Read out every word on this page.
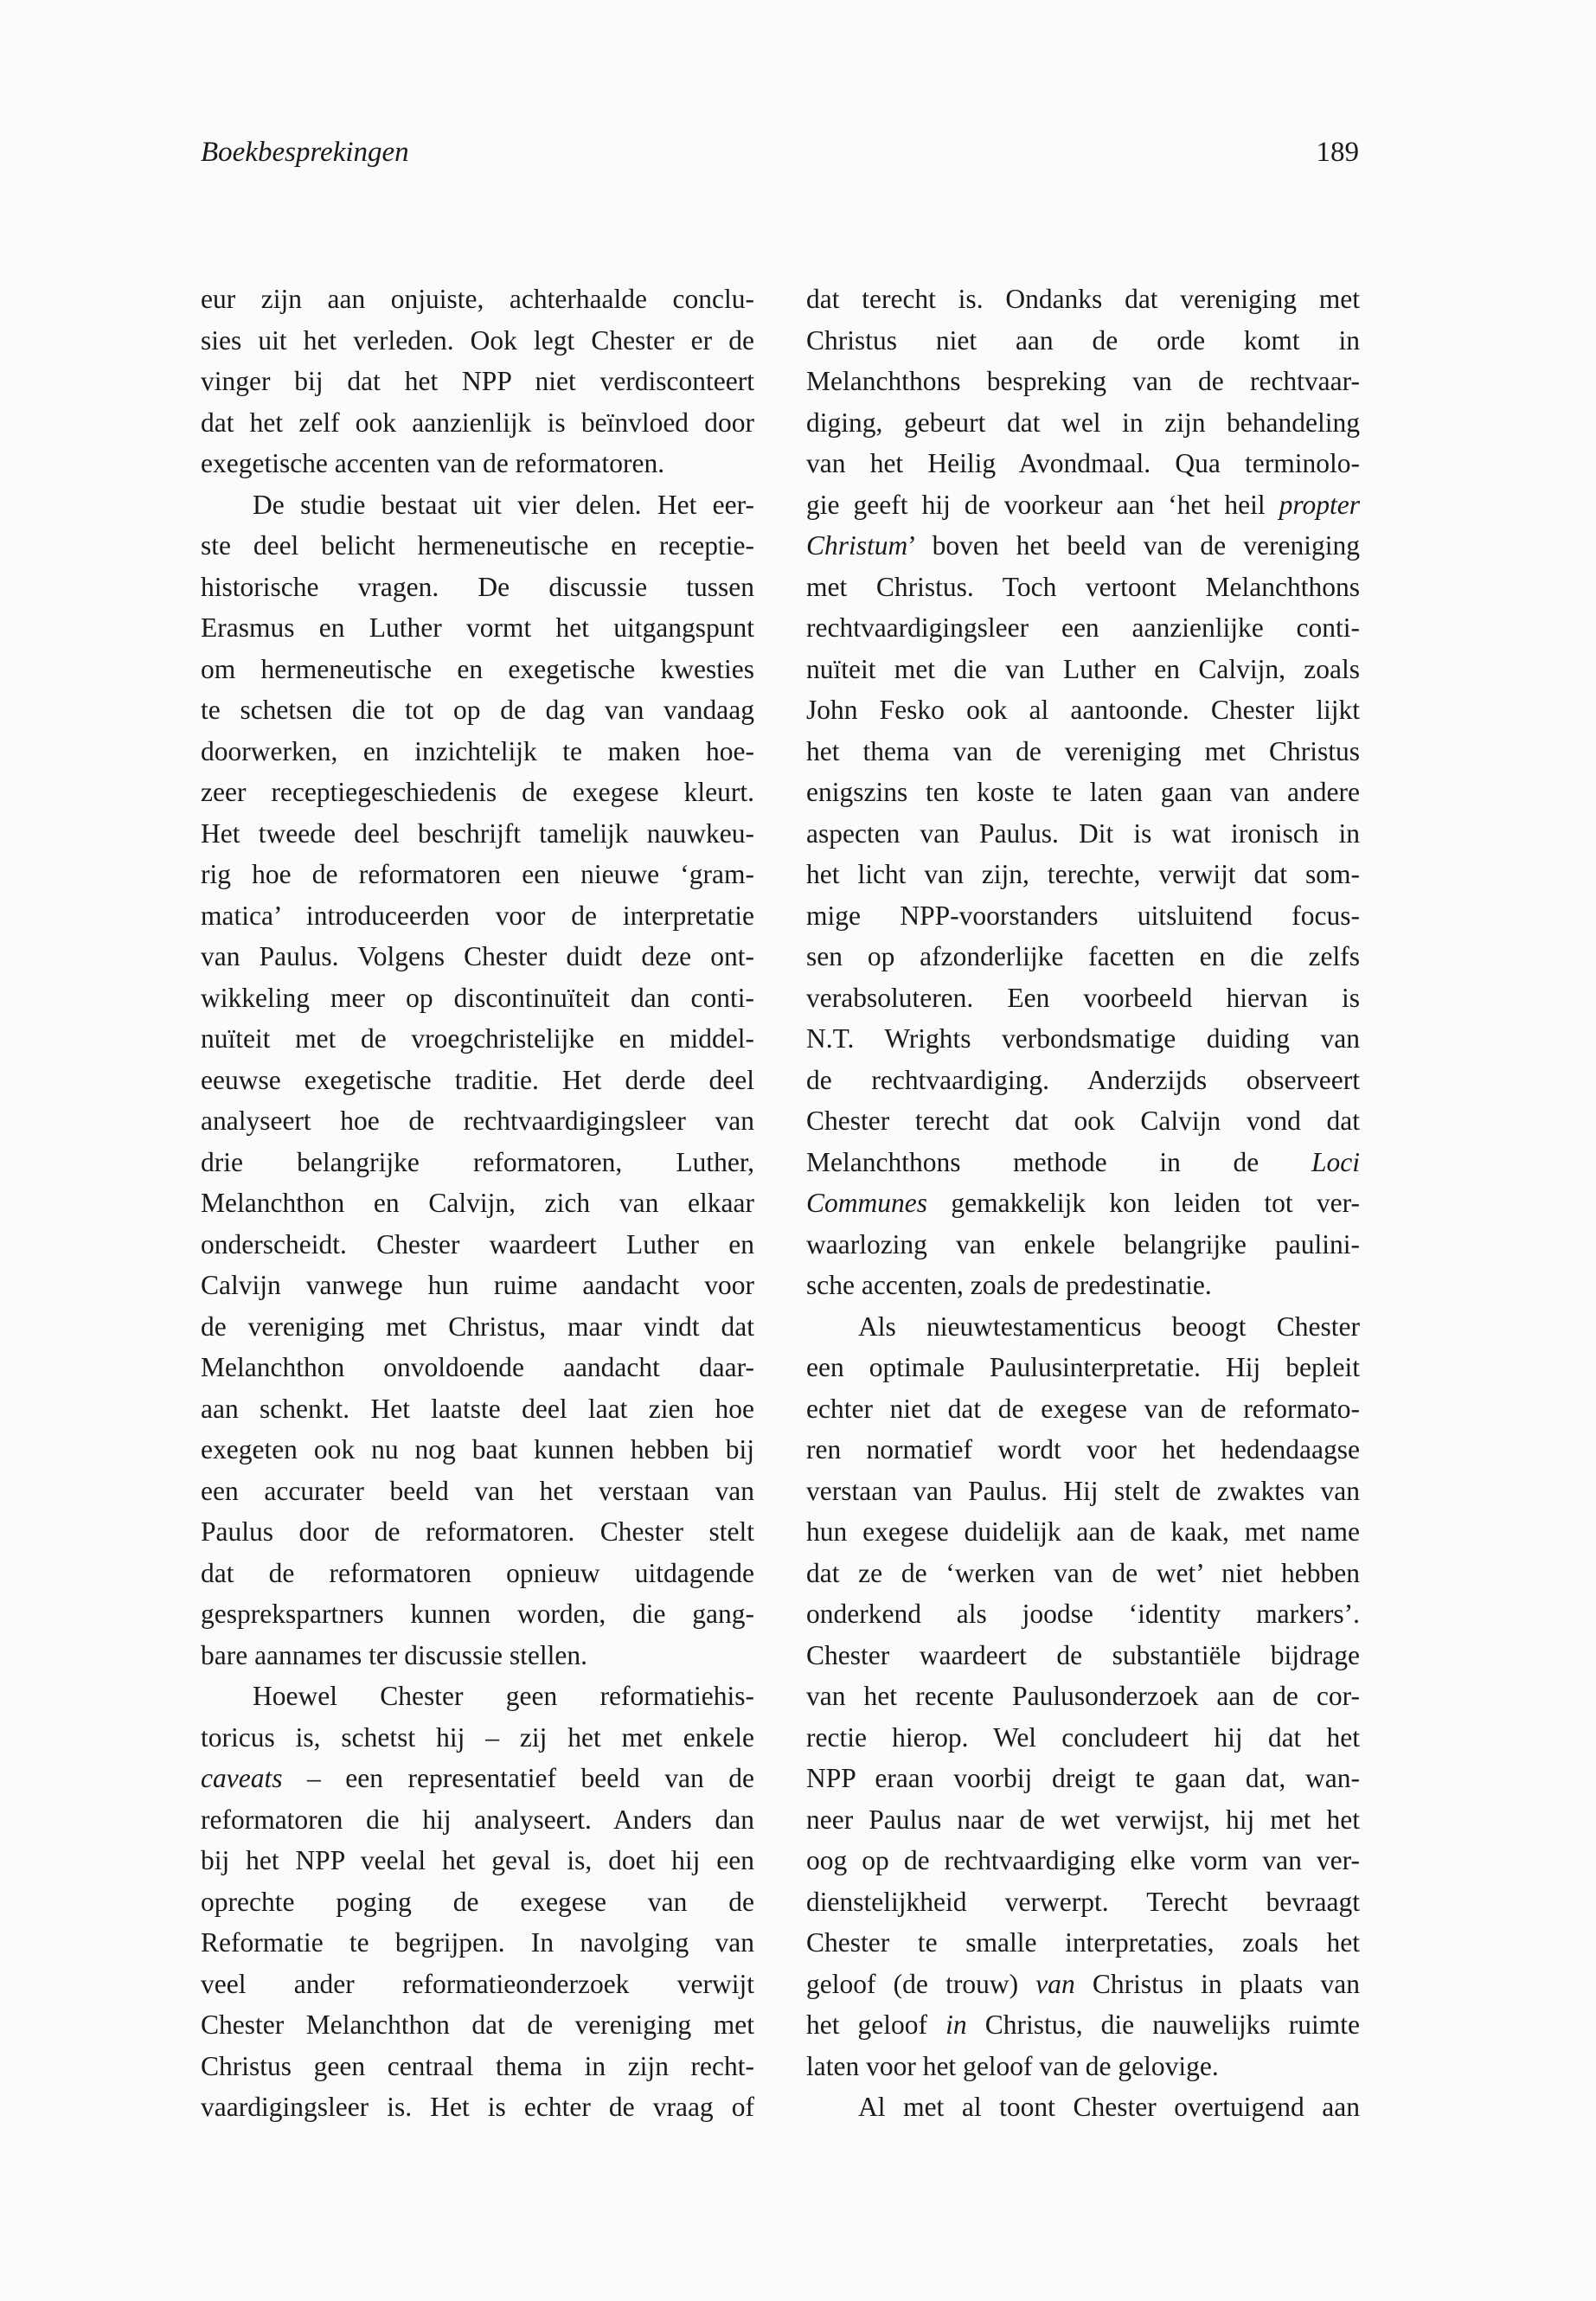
Boekbesprekingen	189
eur zijn aan onjuiste, achterhaalde conclu-
sies uit het verleden. Ook legt Chester er de
vinger bij dat het NPP niet verdisconteert
dat het zelf ook aanzienlijk is beïnvloed door
exegetische accenten van de reformatoren.
De studie bestaat uit vier delen. Het eer-
ste deel belicht hermeneutische en receptie-
historische vragen. De discussie tussen
Erasmus en Luther vormt het uitgangspunt
om hermeneutische en exegetische kwesties
te schetsen die tot op de dag van vandaag
doorwerken, en inzichtelijk te maken hoe-
zeer receptiegeschiedenis de exegese kleurt.
Het tweede deel beschrijft tamelijk nauwkeu-
rig hoe de reformatoren een nieuwe ‘gram-
matica’ introduceerden voor de interpretatie
van Paulus. Volgens Chester duidt deze ont-
wikkeling meer op discontinuïteit dan conti-
nuïteit met de vroegchristelijke en middel-
eeuwse exegetische traditie. Het derde deel
analyseert hoe de rechtvaardigingsleer van
drie belangrijke reformatoren, Luther,
Melanchthon en Calvijn, zich van elkaar
onderscheidt. Chester waardeert Luther en
Calvijn vanwege hun ruime aandacht voor
de vereniging met Christus, maar vindt dat
Melanchthon onvoldoende aandacht daar-
aan schenkt. Het laatste deel laat zien hoe
exegeten ook nu nog baat kunnen hebben bij
een accurater beeld van het verstaan van
Paulus door de reformatoren. Chester stelt
dat de reformatoren opnieuw uitdagende
gesprekspartners kunnen worden, die gang-
bare aannames ter discussie stellen.
Hoewel Chester geen reformatiehis-
toricus is, schetst hij – zij het met enkele
caveats – een representatief beeld van de
reformatoren die hij analyseert. Anders dan
bij het NPP veelal het geval is, doet hij een
oprechte poging de exegese van de
Reformatie te begrijpen. In navolging van
veel ander reformatieonderzoek verwijt
Chester Melanchthon dat de vereniging met
Christus geen centraal thema in zijn recht-
vaardigingsleer is. Het is echter de vraag of
dat terecht is. Ondanks dat vereniging met
Christus niet aan de orde komt in
Melanchthons bespreking van de rechtvaar-
diging, gebeurt dat wel in zijn behandeling
van het Heilig Avondmaal. Qua terminolo-
gie geeft hij de voorkeur aan ‘het heil propter
Christum’ boven het beeld van de vereniging
met Christus. Toch vertoont Melanchthons
rechtvaardigingsleer een aanzienlijke conti-
nuïteit met die van Luther en Calvijn, zoals
John Fesko ook al aantoonde. Chester lijkt
het thema van de vereniging met Christus
enigszins ten koste te laten gaan van andere
aspecten van Paulus. Dit is wat ironisch in
het licht van zijn, terechte, verwijt dat som-
mige NPP-voorstanders uitsluitend focus-
sen op afzonderlijke facetten en die zelfs
verabsoluteren. Een voorbeeld hiervan is
N.T. Wrights verbondsmatige duiding van
de rechtvaardiging. Anderzijds observeert
Chester terecht dat ook Calvijn vond dat
Melanchthons methode in de Loci
Communes gemakkelijk kon leiden tot ver-
waarlozing van enkele belangrijke paulini-
sche accenten, zoals de predestinatie.
Als nieuwtestamenticus beoogt Chester
een optimale Paulusinterpretatie. Hij bepleit
echter niet dat de exegese van de reformato-
ren normatief wordt voor het hedendaagse
verstaan van Paulus. Hij stelt de zwaktes van
hun exegese duidelijk aan de kaak, met name
dat ze de ‘werken van de wet’ niet hebben
onderkend als joodse ‘identity markers’.
Chester waardeert de substantiële bijdrage
van het recente Paulusonderzoek aan de cor-
rectie hierop. Wel concludeert hij dat het
NPP eraan voorbij dreigt te gaan dat, wan-
neer Paulus naar de wet verwijst, hij met het
oog op de rechtvaardiging elke vorm van ver-
dienstelijkheid verwerpt. Terecht bevraagt
Chester te smalle interpretaties, zoals het
geloof (de trouw) van Christus in plaats van
het geloof in Christus, die nauwelijks ruimte
laten voor het geloof van de gelovige.
Al met al toont Chester overtuigend aan
